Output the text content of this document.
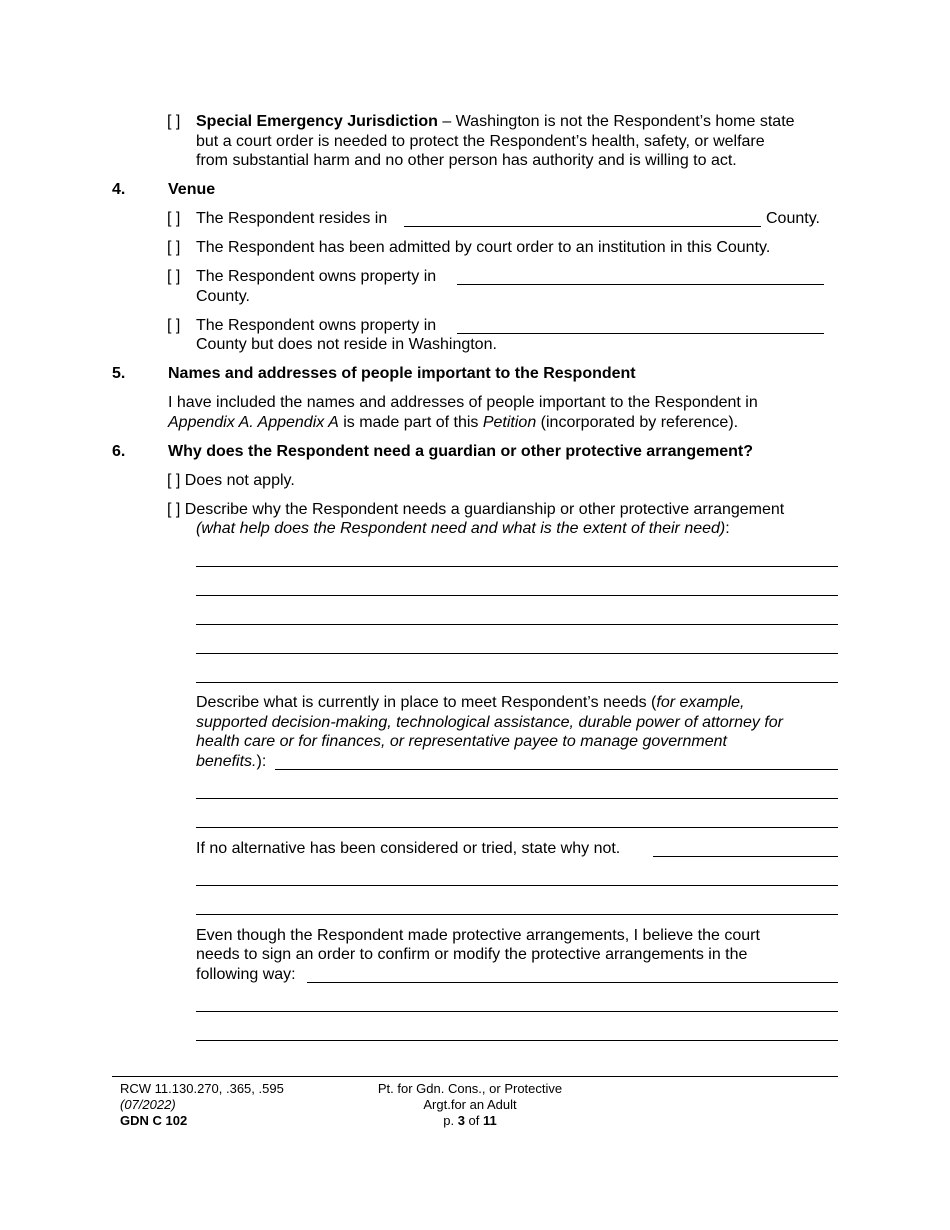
[ ] Special Emergency Jurisdiction – Washington is not the Respondent’s home state
but a court order is needed to protect the Respondent’s health, safety, or welfare
from substantial harm and no other person has authority and is willing to act.
4.	Venue
[ ] The Respondent resides in	County.
[ ] The Respondent has been admitted by court order to an institution in this County.
[ ] The Respondent owns property in
County.
[ ] The Respondent owns property in
County but does not reside in Washington.
5.	Names and addresses of people important to the Respondent
I have included the names and addresses of people important to the Respondent in
Appendix A. Appendix A is made part of this Petition (incorporated by reference).
6.	Why does the Respondent need a guardian or other protective arrangement?
[ ] Does not apply.
[ ] Describe why the Respondent needs a guardianship or other protective arrangement
(what help does the Respondent need and what is the extent of their need):
Describe what is currently in place to meet Respondent’s needs (for example,
supported decision-making, technological assistance, durable power of attorney for
health care or for finances, or representative payee to manage government
benefits.):
If no alternative has been considered or tried, state why not.
Even though the Respondent made protective arrangements, I believe the court
needs to sign an order to confirm or modify the protective arrangements in the
following way:
RCW 11.130.270, .365, .595
(07/2022)
GDN C 102
Pt. for Gdn. Cons., or Protective
Argt.for an Adult
p. 3 of 11
